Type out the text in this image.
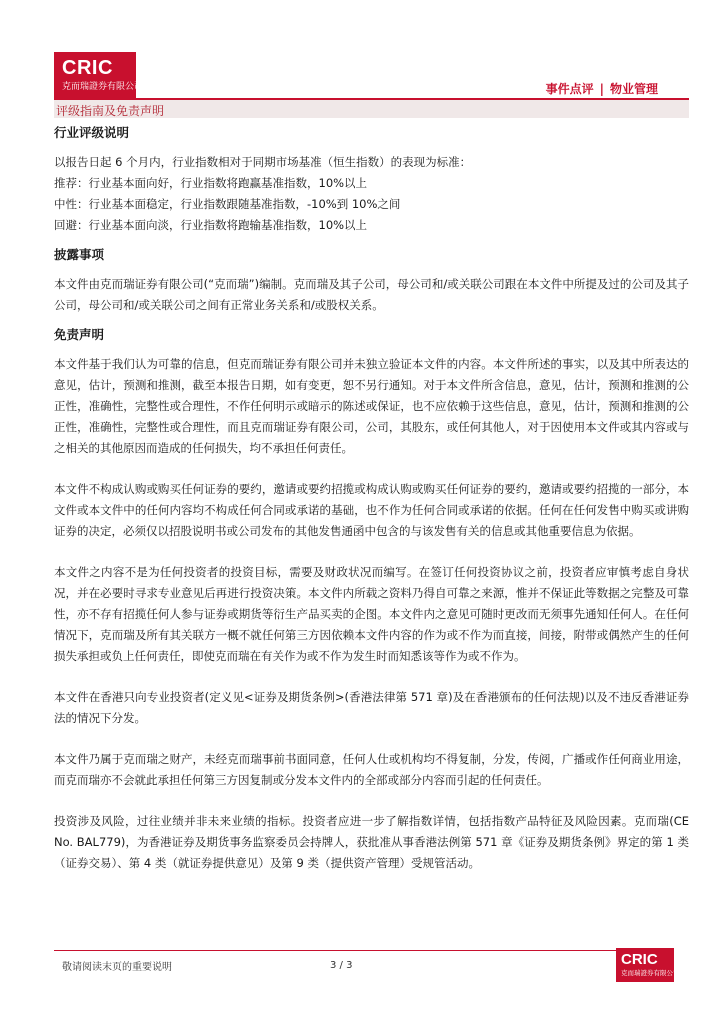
CRIC
克而瑞證券有限公司	事件点评 | 物业管理
评级指南及免责声明
行业评级说明

以报告日起 6 个月内，行业指数相对于同期市场基准（恒生指数）的表现为标准：

推荐：行业基本面向好，行业指数将跑赢基准指数，10%以上

中性：行业基本面稳定，行业指数跟随基准指数，-10%到 10%之间

回避：行业基本面向淡，行业指数将跑输基准指数，10%以上

披露事项

本文件由克而瑞证券有限公司(“克而瑞”)编制。克而瑞及其子公司，母公司和/或关联公司跟在本文件中所提及过的公司及其子公司，母公司和/或关联公司之间有正常业务关系和/或股权关系。

免责声明

本文件基于我们认为可靠的信息，但克而瑞证券有限公司并未独立验证本文件的内容。本文件所述的事实，以及其中所表达的意见，估计，预测和推测，截至本报告日期，如有变更，恕不另行通知。对于本文件所含信息，意见，估计，预测和推测的公正性，准确性，完整性或合理性，不作任何明示或暗示的陈述或保证，也不应依赖于这些信息，意见，估计，预测和推测的公正性，准确性，完整性或合理性，而且克而瑞证券有限公司，公司，其股东，或任何其他人，对于因使用本文件或其内容或与之相关的其他原因而造成的任何损失，均不承担任何责任。

本文件不构成认购或购买任何证券的要约，邀请或要约招揽或构成认购或购买任何证券的要约，邀请或要约招揽的一部分，本文件或本文件中的任何内容均不构成任何合同或承诺的基础，也不作为任何合同或承诺的依据。任何在任何发售中购买或讲购证券的决定，必须仅以招股说明书或公司发布的其他发售通函中包含的与该发售有关的信息或其他重要信息为依据。

本文件之内容不是为任何投资者的投资目标，需要及财政状况而编写。在签订任何投资协议之前，投资者应审慎考虑自身状况，并在必要时寻求专业意见后再进行投资决策。本文件内所载之资料乃得自可靠之来源，惟并不保证此等数据之完整及可靠性，亦不存有招揽任何人参与证券或期货等衍生产品买卖的企图。本文件内之意见可随时更改而无须事先通知任何人。在任何情况下，克而瑞及所有其关联方一概不就任何第三方因依赖本文件内容的作为或不作为而直接，间接，附带或偶然产生的任何损失承担或负上任何责任，即使克而瑞在有关作为或不作为发生时而知悉该等作为或不作为。

本文件在香港只向专业投资者(定义见<证券及期货条例>(香港法律第 571 章)及在香港颁布的任何法规)以及不违反香港证券法的情况下分发。

本文件乃属于克而瑞之财产，未经克而瑞事前书面同意，任何人仕或机构均不得复制，分发，传阅，广播或作任何商业用途，而克而瑞亦不会就此承担任何第三方因复制或分发本文件内的全部或部分内容而引起的任何责任。

投资涉及风险，过往业绩并非未来业绩的指标。投资者应进一步了解指数详情，包括指数产品特征及风险因素。克而瑞(CE No. BAL779)，为香港证券及期货事务监察委员会持牌人，获批准从事香港法例第 571 章《证券及期货条例》界定的第 1 类（证券交易）、第 4 类（就证券提供意见）及第 9 类（提供资产管理）受规管活动。

敬请阅读末页的重要说明	3 / 3	CRIC
克而瑞證券有限公司
